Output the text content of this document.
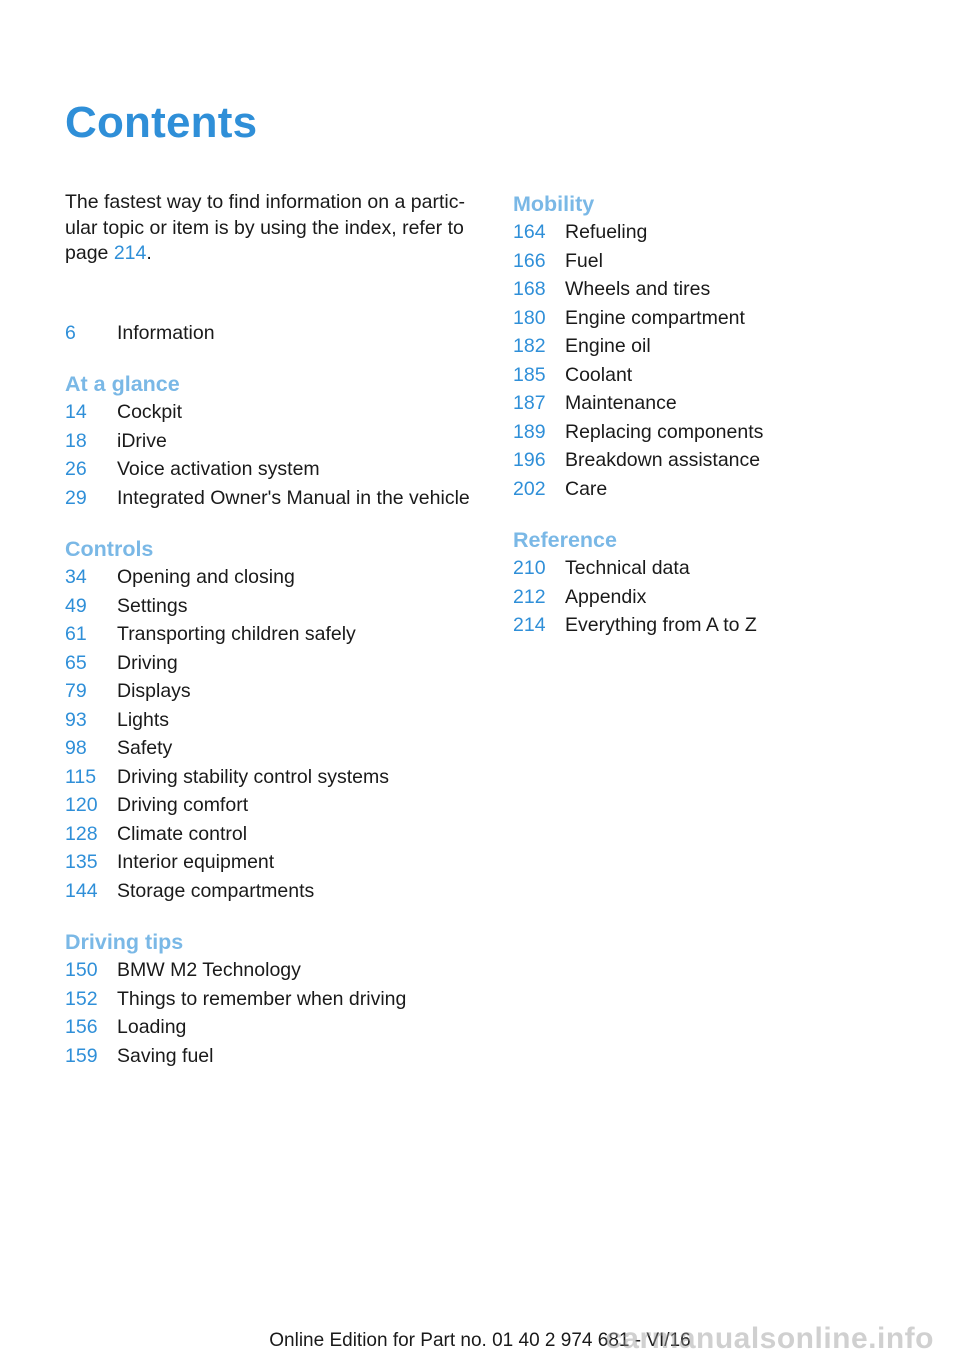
Contents

The fastest way to find information on a partic‐ular topic or item is by using the index, refer to page 214.

6 Information
At a glance
14 Cockpit
18 iDrive
26 Voice activation system
29 Integrated Owner's Manual in the vehicle
Controls
34 Opening and closing
49 Settings
61 Transporting children safely
65 Driving
79 Displays
93 Lights
98 Safety
115 Driving stability control systems
120 Driving comfort
128 Climate control
135 Interior equipment
144 Storage compartments
Driving tips
150 BMW M2 Technology
152 Things to remember when driving
156 Loading
159 Saving fuel
Mobility
164 Refueling
166 Fuel
168 Wheels and tires
180 Engine compartment
182 Engine oil
185 Coolant
187 Maintenance
189 Replacing components
196 Breakdown assistance
202 Care
Reference
210 Technical data
212 Appendix
214 Everything from A to Z
Online Edition for Part no. 01 40 2 974 681 - VI/16
carmanualsonline.info
